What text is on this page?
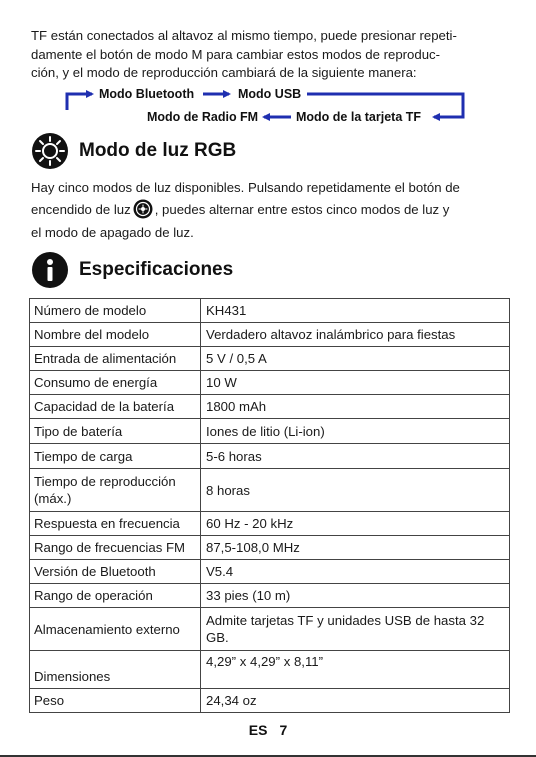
TF están conectados al altavoz al mismo tiempo, puede presionar repeti-
damente el botón de modo M para cambiar estos modos de reproduc-
ción, y el modo de reproducción cambiará de la siguiente manera:
Modo Bluetooth	Modo USB
Modo de Radio FM	Modo de la tarjeta TF
Modo de luz RGB

Hay cinco modos de luz disponibles. Pulsando repetidamente el botón de
encendido de luz , puedes alternar entre estos cinco modos de luz y
el modo de apagado de luz.

Especificaciones
Número de modelo	KH431
Nombre del modelo	Verdadero altavoz inalámbrico para fiestas
Entrada de alimentación	5 V / 0,5 A
Consumo de energía	10 W
Capacidad de la batería	1800 mAh
Tipo de batería	Iones de litio (Li-ion)
Tiempo de carga	5-6 horas
Tiempo de reproducción (máx.)	8 horas
Respuesta en frecuencia	60 Hz - 20 kHz
Rango de frecuencias FM	87,5-108,0 MHz
Versión de Bluetooth	V5.4
Rango de operación	33 pies (10 m)
Almacenamiento externo	Admite tarjetas TF y unidades USB de hasta 32 GB.
Dimensiones	4,29” x 4,29” x 8,11”
Peso	24,34 oz
ES 7
